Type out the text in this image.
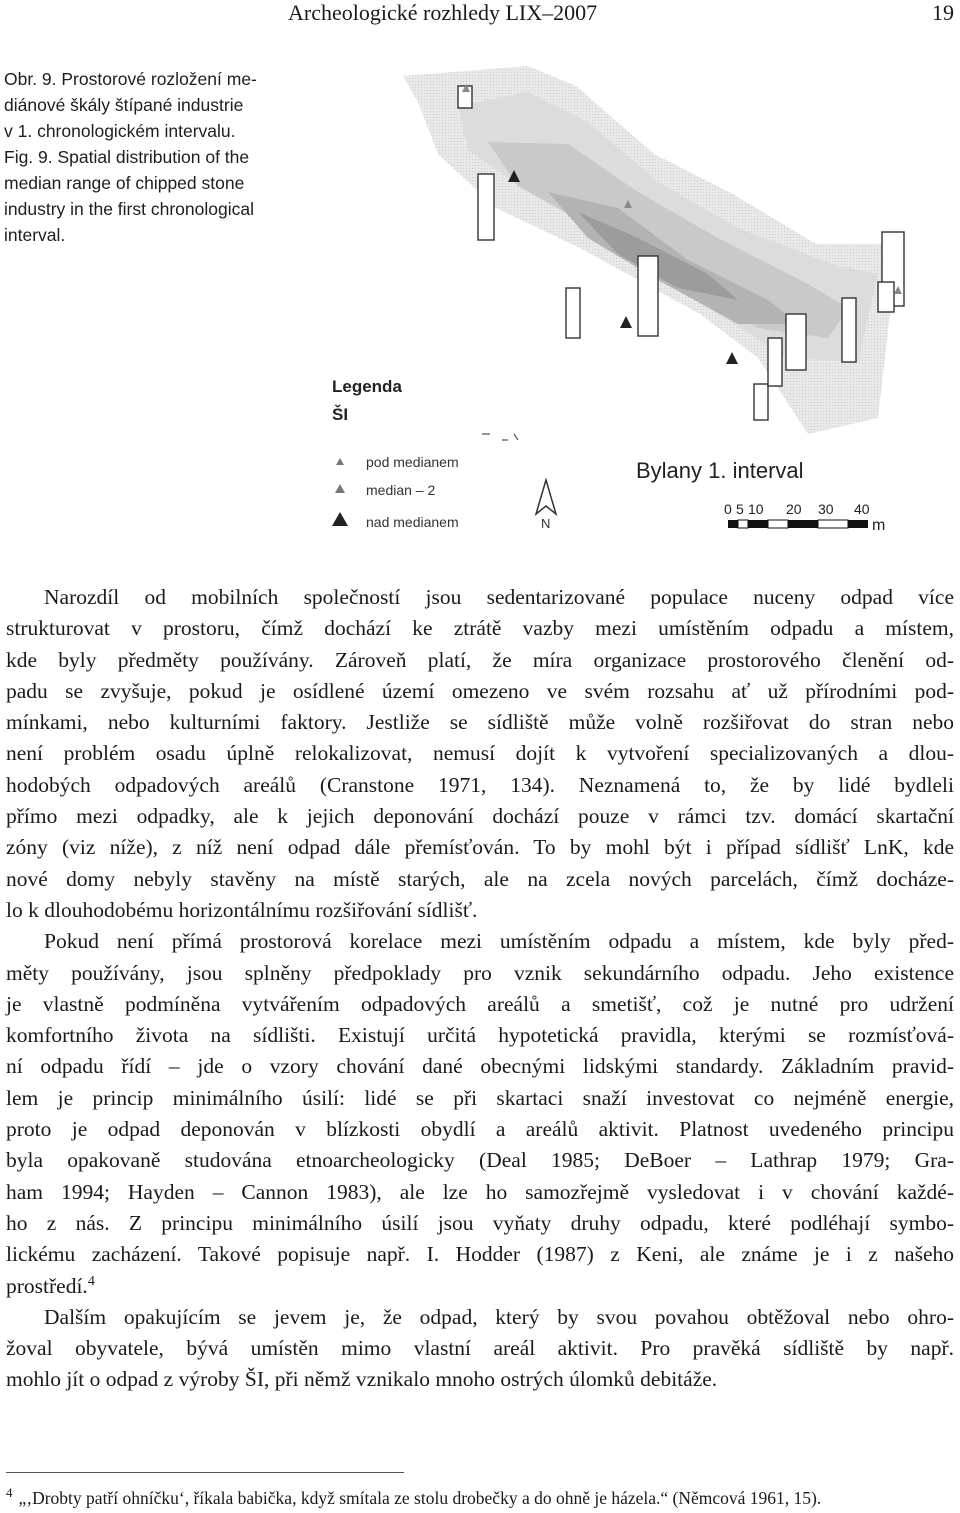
Archeologické rozhledy LIX–2007	19
Obr. 9. Prostorové rozložení me-
diánové škály štípané industrie
v 1. chronologickém intervalu.
Fig. 9. Spatial distribution of the
median range of chipped stone
industry in the first chronological
interval.
Legenda
ŠI
pod medianem
median – 2
nad medianem	N
Bylany 1. interval
0 5 10 20 30 40
m
Narozdíl od mobilních společností jsou sedentarizované populace nuceny odpad více
strukturovat v prostoru, čímž dochází ke ztrátě vazby mezi umístěním odpadu a místem,
kde byly předměty používány. Zároveň platí, že míra organizace prostorového členění od-
padu se zvyšuje, pokud je osídlené území omezeno ve svém rozsahu ať už přírodními pod-
mínkami, nebo kulturními faktory. Jestliže se sídliště může volně rozšiřovat do stran nebo
není problém osadu úplně relokalizovat, nemusí dojít k vytvoření specializovaných a dlou-
hodobých odpadových areálů (Cranstone 1971, 134). Neznamená to, že by lidé bydleli
přímo mezi odpadky, ale k jejich deponování dochází pouze v rámci tzv. domácí skartační
zóny (viz níže), z níž není odpad dále přemísťován. To by mohl být i případ sídlišť LnK, kde
nové domy nebyly stavěny na místě starých, ale na zcela nových parcelách, čímž docháze-
lo k dlouhodobému horizontálnímu rozšiřování sídlišť.
Pokud není přímá prostorová korelace mezi umístěním odpadu a místem, kde byly před-
měty používány, jsou splněny předpoklady pro vznik sekundárního odpadu. Jeho existence
je vlastně podmíněna vytvářením odpadových areálů a smetišť, což je nutné pro udržení
komfortního života na sídlišti. Existují určitá hypotetická pravidla, kterými se rozmísťová-
ní odpadu řídí – jde o vzory chování dané obecnými lidskými standardy. Základním pravid-
lem je princip minimálního úsilí: lidé se při skartaci snaží investovat co nejméně energie,
proto je odpad deponován v blízkosti obydlí a areálů aktivit. Platnost uvedeného principu
byla opakovaně studována etnoarcheologicky (Deal 1985; DeBoer – Lathrap 1979; Gra-
ham 1994; Hayden – Cannon 1983), ale lze ho samozřejmě vysledovat i v chování každé-
ho z nás. Z principu minimálního úsilí jsou vyňaty druhy odpadu, které podléhají symbo-
lickému zacházení. Takové popisuje např. I. Hodder (1987) z Keni, ale známe je i z našeho
prostředí.$^4$
Dalším opakujícím se jevem je, že odpad, který by svou povahou obtěžoval nebo ohro-
žoval obyvatele, bývá umístěn mimo vlastní areál aktivit. Pro pravěká sídliště by např.
mohlo jít o odpad z výroby ŠI, při němž vznikalo mnoho ostrých úlomků debitáže.
$^4$ „‚Drobty patří ohníčku‘, říkala babička, když smítala ze stolu drobečky a do ohně je házela.“ (Němcová 1961, 15).
